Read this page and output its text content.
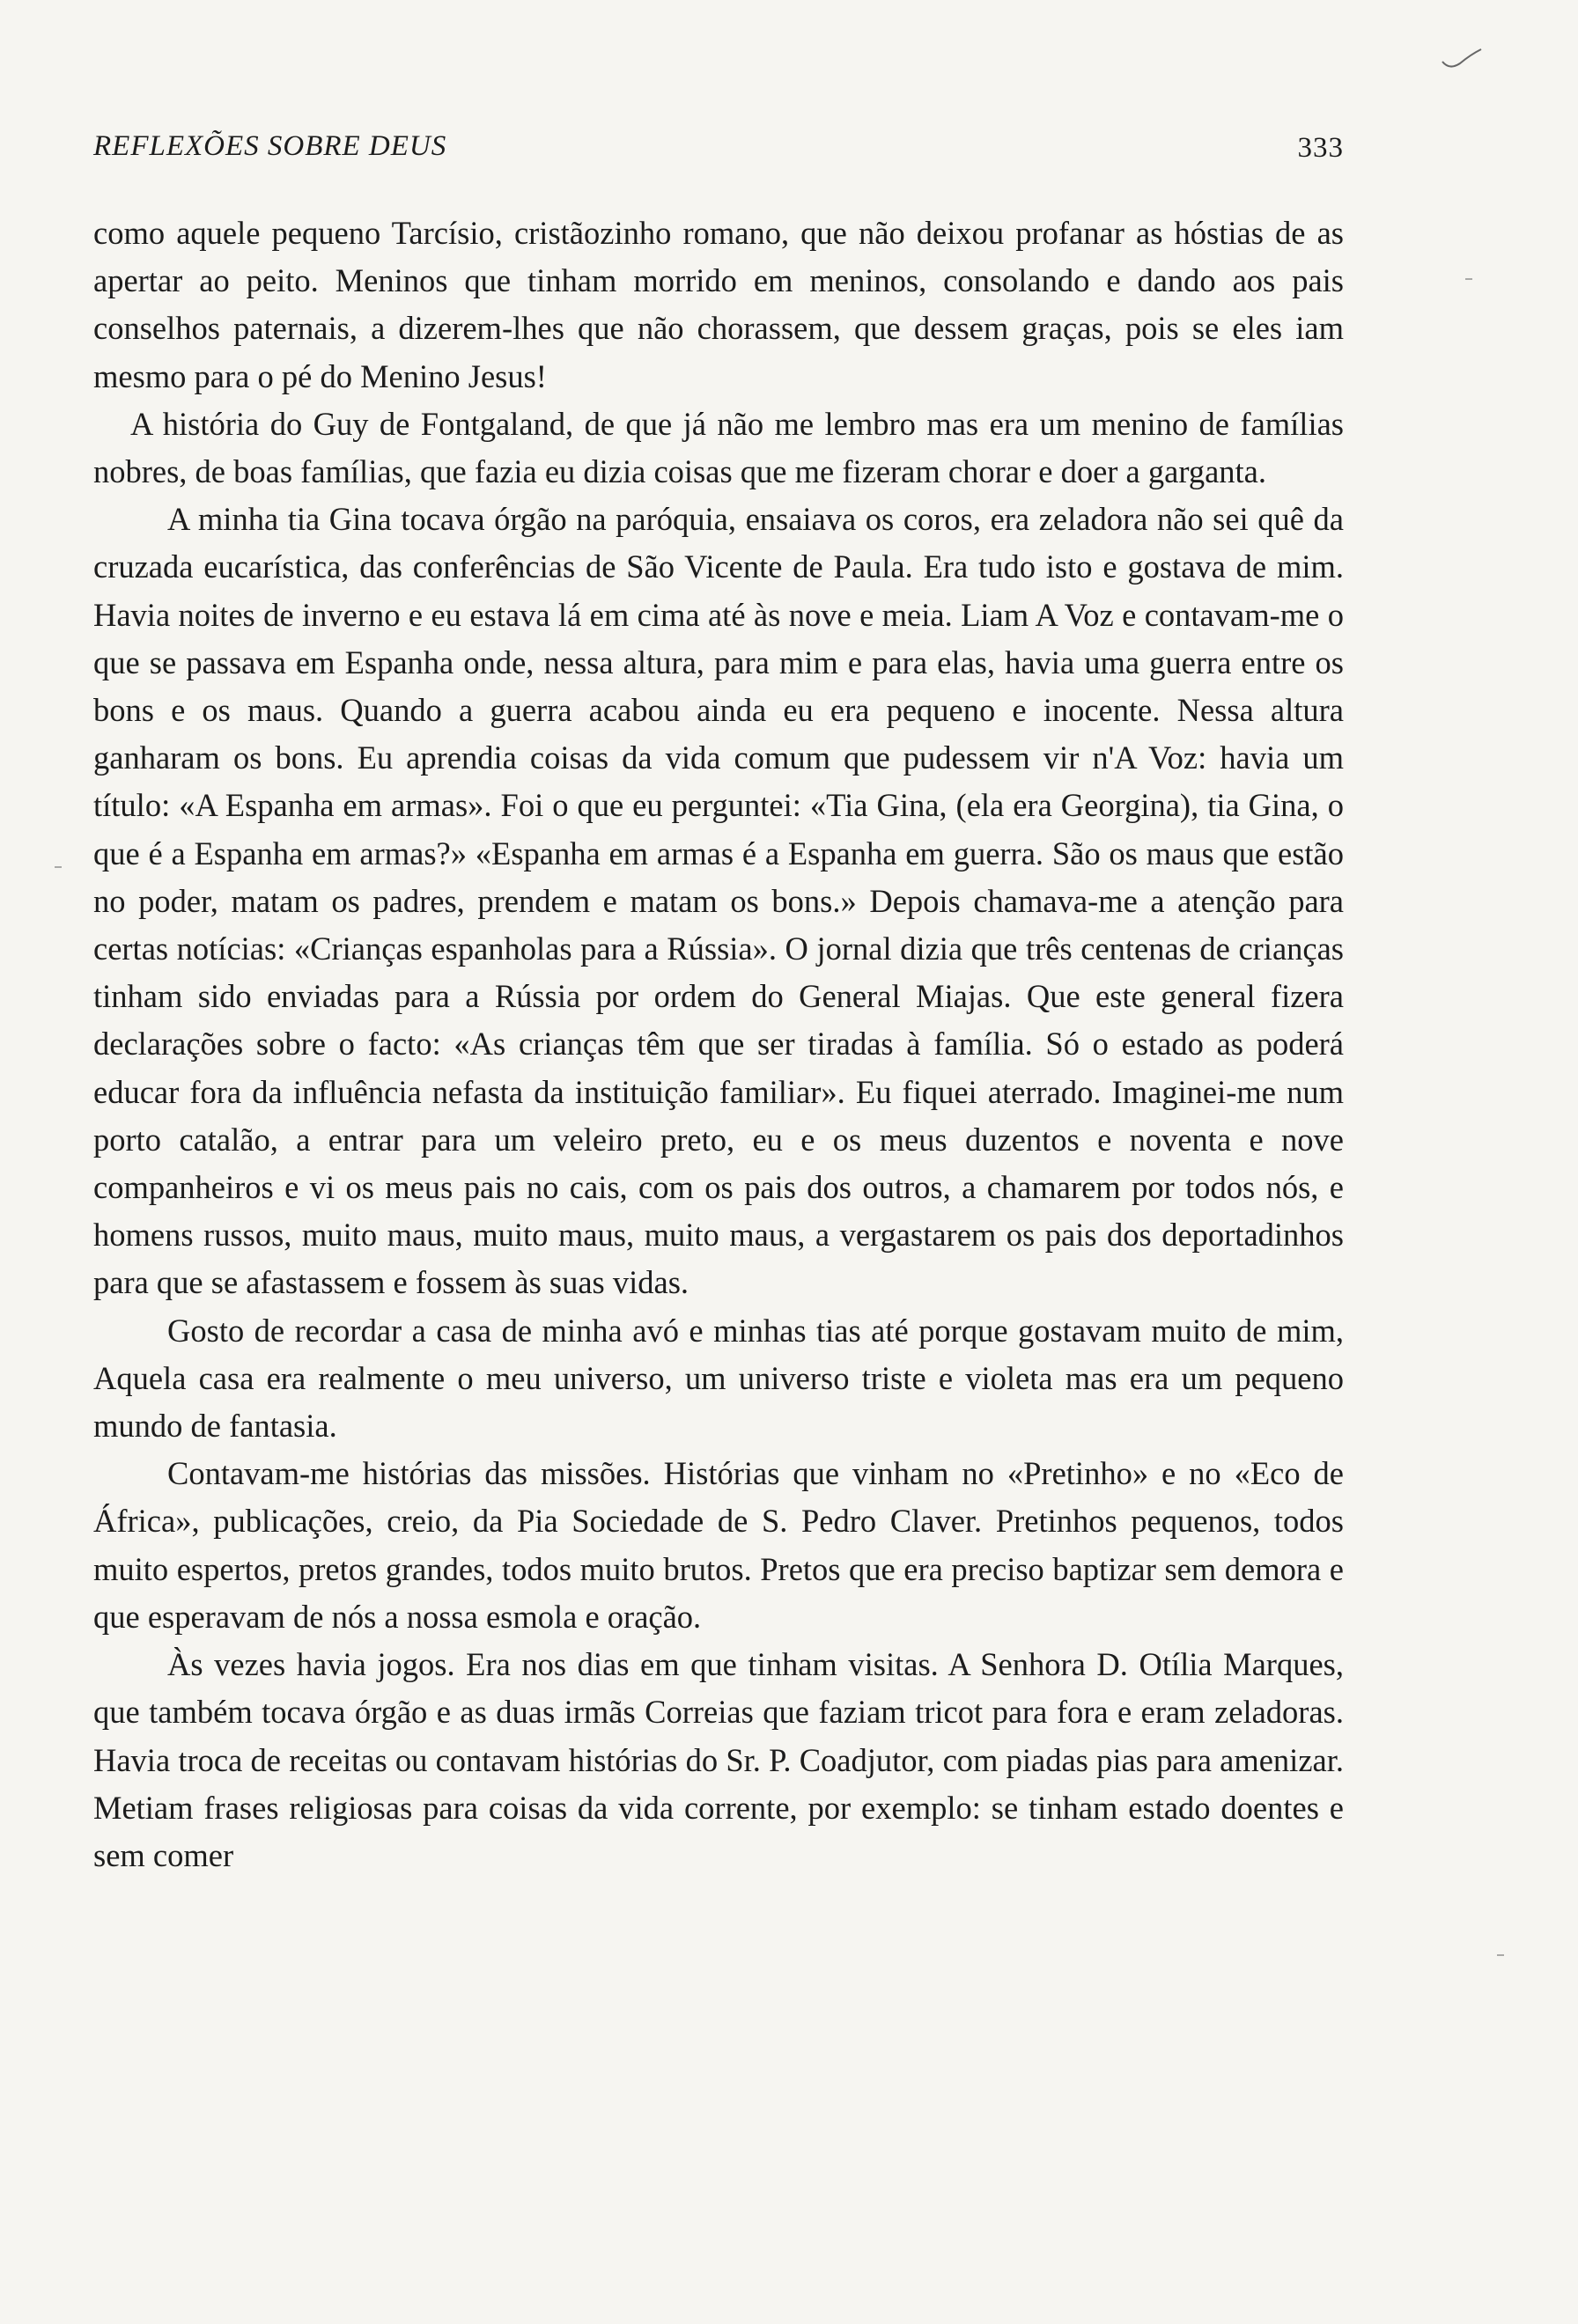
REFLEXÕES SOBRE DEUS	333

como aquele pequeno Tarcísio, cristãozinho romano, que não deixou profanar as hóstias de as apertar ao peito. Meninos que tinham morrido em meninos, consolando e dando aos pais conselhos paternais, a dizerem-lhes que não chorassem, que dessem graças, pois se eles iam mesmo para o pé do Menino Jesus!

A história do Guy de Fontgaland, de que já não me lembro mas era um menino de famílias nobres, de boas famílias, que fazia eu dizia coisas que me fizeram chorar e doer a garganta.

A minha tia Gina tocava órgão na paróquia, ensaiava os coros, era zeladora não sei quê da cruzada eucarística, das conferências de São Vicente de Paula. Era tudo isto e gostava de mim. Havia noites de inverno e eu estava lá em cima até às nove e meia. Liam A Voz e contavam-me o que se passava em Espanha onde, nessa altura, para mim e para elas, havia uma guerra entre os bons e os maus. Quando a guerra acabou ainda eu era pequeno e inocente. Nessa altura ganharam os bons. Eu aprendia coisas da vida comum que pudessem vir n'A Voz: havia um título: «A Espanha em armas». Foi o que eu perguntei: «Tia Gina, (ela era Georgina), tia Gina, o que é a Espanha em armas?» «Espanha em armas é a Espanha em guerra. São os maus que estão no poder, matam os padres, prendem e matam os bons.» Depois chamava-me a atenção para certas notícias: «Crianças espanholas para a Rússia». O jornal dizia que três centenas de crianças tinham sido enviadas para a Rússia por ordem do General Miajas. Que este general fizera declarações sobre o facto: «As crianças têm que ser tiradas à família. Só o estado as poderá educar fora da influência nefasta da instituição familiar». Eu fiquei aterrado. Imaginei-me num porto catalão, a entrar para um veleiro preto, eu e os meus duzentos e noventa e nove companheiros e vi os meus pais no cais, com os pais dos outros, a chamarem por todos nós, e homens russos, muito maus, muito maus, muito maus, a vergastarem os pais dos deportadinhos para que se afastassem e fossem às suas vidas.

Gosto de recordar a casa de minha avó e minhas tias até porque gostavam muito de mim, Aquela casa era realmente o meu universo, um universo triste e violeta mas era um pequeno mundo de fantasia.

Contavam-me histórias das missões. Histórias que vinham no «Pretinho» e no «Eco de África», publicações, creio, da Pia Sociedade de S. Pedro Claver. Pretinhos pequenos, todos muito espertos, pretos grandes, todos muito brutos. Pretos que era preciso baptizar sem demora e que esperavam de nós a nossa esmola e oração.

Às vezes havia jogos. Era nos dias em que tinham visitas. A Senhora D. Otília Marques, que também tocava órgão e as duas irmãs Correias que faziam tricot para fora e eram zeladoras. Havia troca de receitas ou contavam histórias do Sr. P. Coadjutor, com piadas pias para amenizar. Metiam frases religiosas para coisas da vida corrente, por exemplo: se tinham estado doentes e sem comer
